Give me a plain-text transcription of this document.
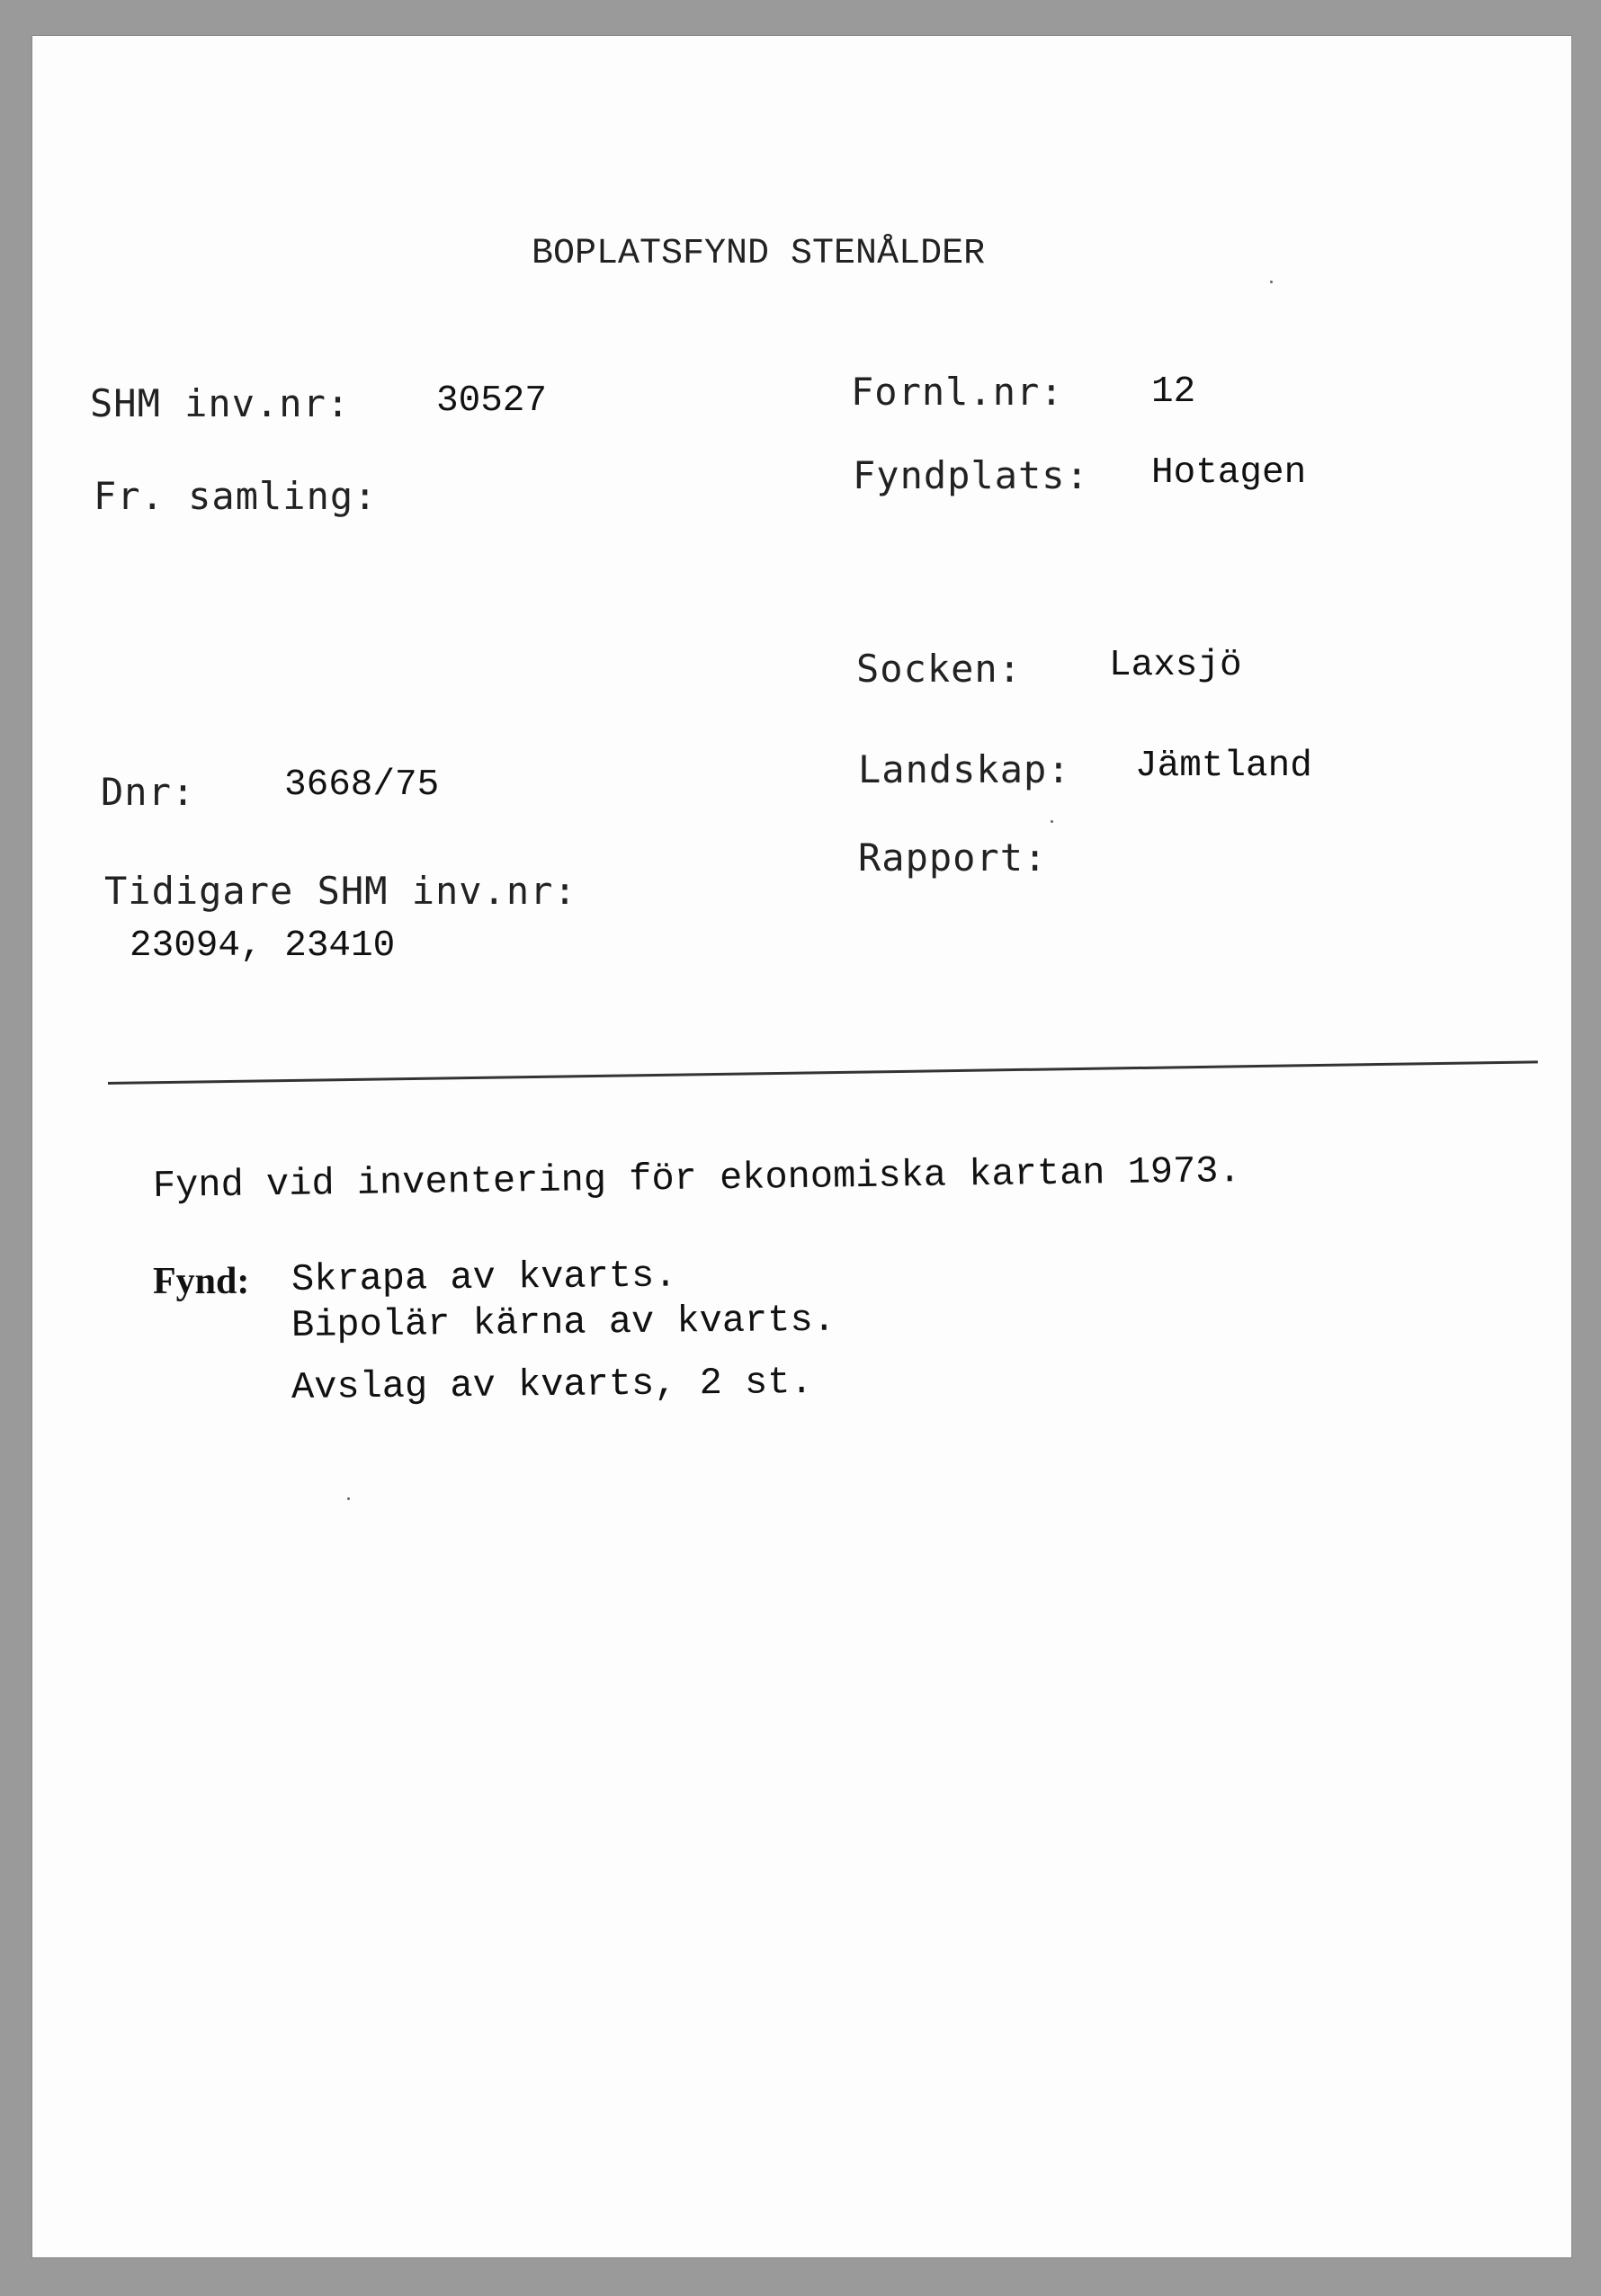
BOPLATSFYND STENÅLDER
SHM inv.nr: 30527
Fr. samling:
Dnr: 3668/75
Tidigare SHM inv.nr:
23094, 23410
Fornl.nr: 12
Fyndplats: Hotagen
Socken: Laxsjö
Landskap: Jämtland
Rapport:
Fynd vid inventering för ekonomiska kartan 1973.
Fynd: Skrapa av kvarts.
Bipolär kärna av kvarts.
Avslag av kvarts, 2 st.
